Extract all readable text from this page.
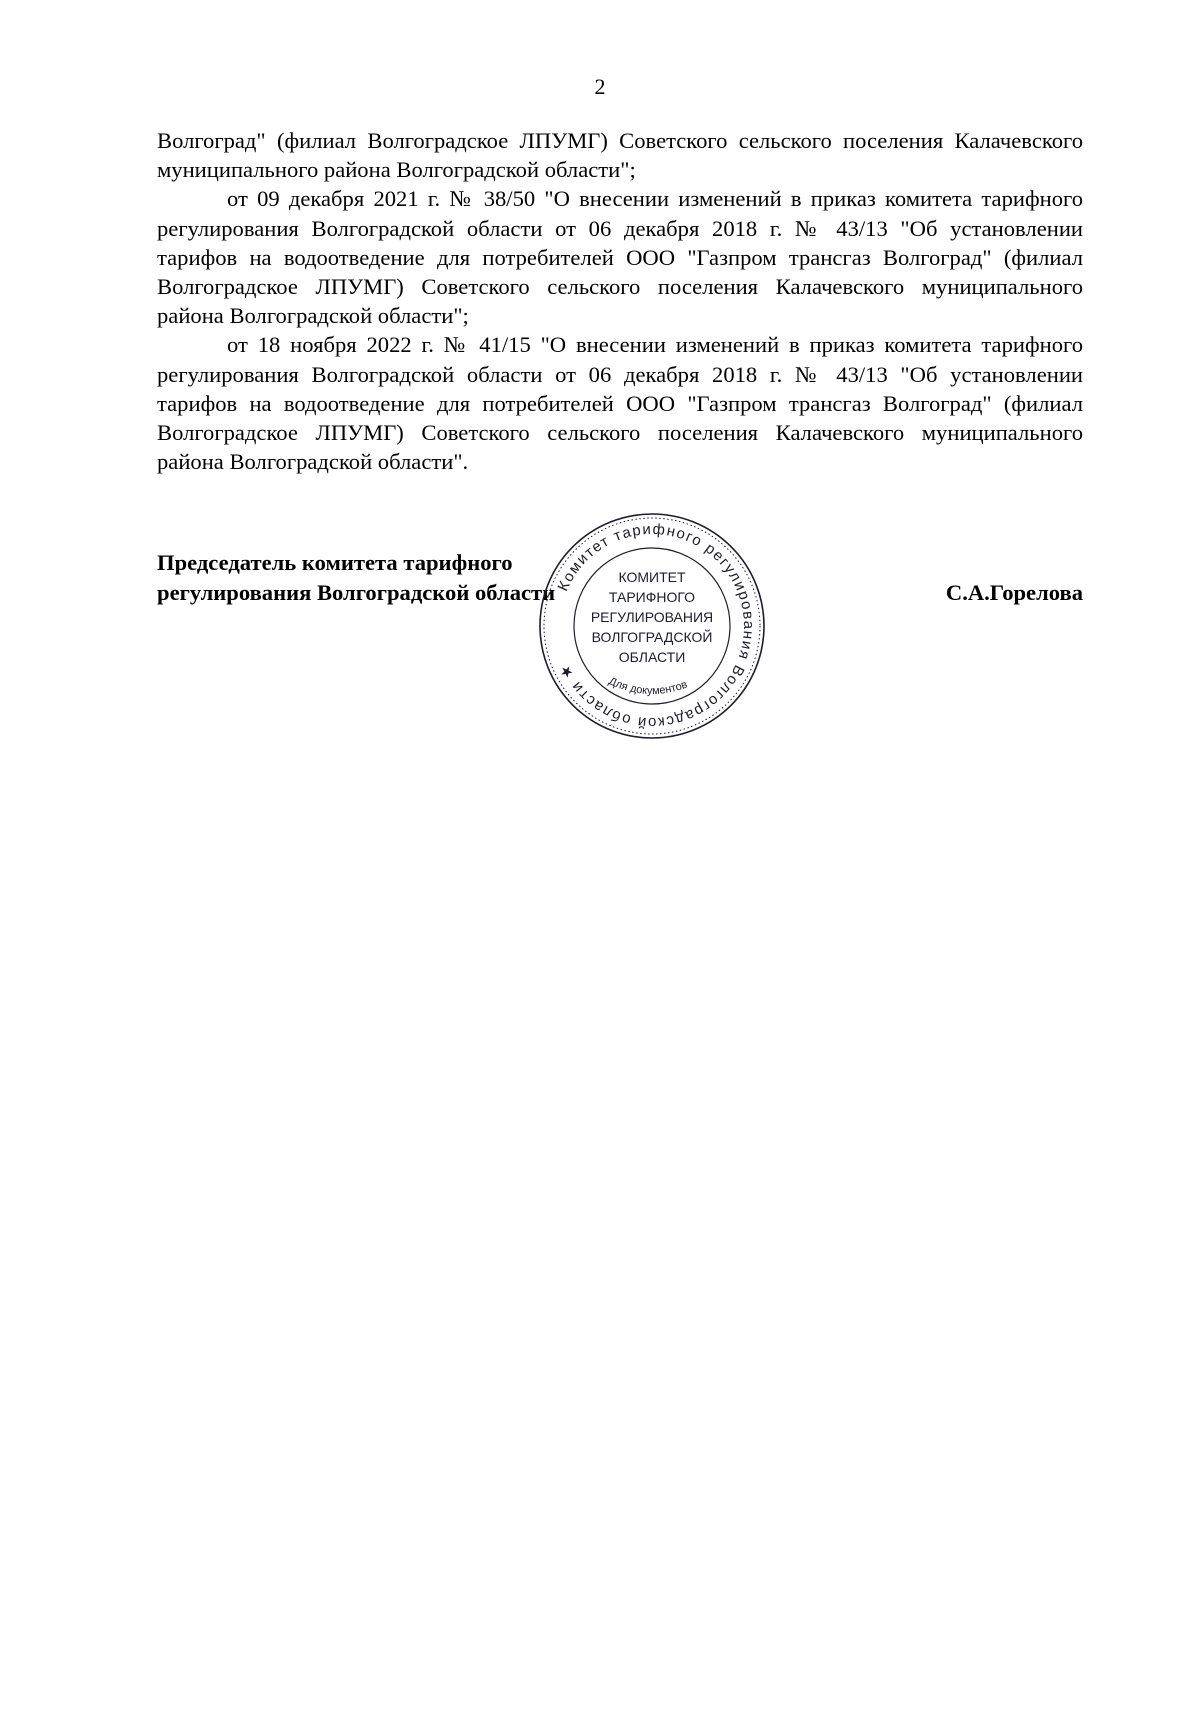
2

Волгоград" (филиал Волгоградское ЛПУМГ) Советского сельского поселения Калачевского муниципального района Волгоградской области";

от 09 декабря 2021 г. № 38/50 "О внесении изменений в приказ комитета тарифного регулирования Волгоградской области от 06 декабря 2018 г. № 43/13 "Об установлении тарифов на водоотведение для потребителей ООО "Газпром трансгаз Волгоград" (филиал Волгоградское ЛПУМГ) Советского сельского поселения Калачевского муниципального района Волгоградской области";

от 18 ноября 2022 г. № 41/15 "О внесении изменений в приказ комитета тарифного регулирования Волгоградской области от 06 декабря 2018 г. № 43/13 "Об установлении тарифов на водоотведение для потребителей ООО "Газпром трансгаз Волгоград" (филиал Волгоградское ЛПУМГ) Советского сельского поселения Калачевского муниципального района Волгоградской области".

Председатель комитета тарифного
регулирования Волгоградской области	С.А.Горелова
Комитет тарифного регулирования Волгоградской области ★
КОМИТЕТ
ТАРИФНОГО
РЕГУЛИРОВАНИЯ
ВОЛГОГРАДСКОЙ
ОБЛАСТИ
Для документов
